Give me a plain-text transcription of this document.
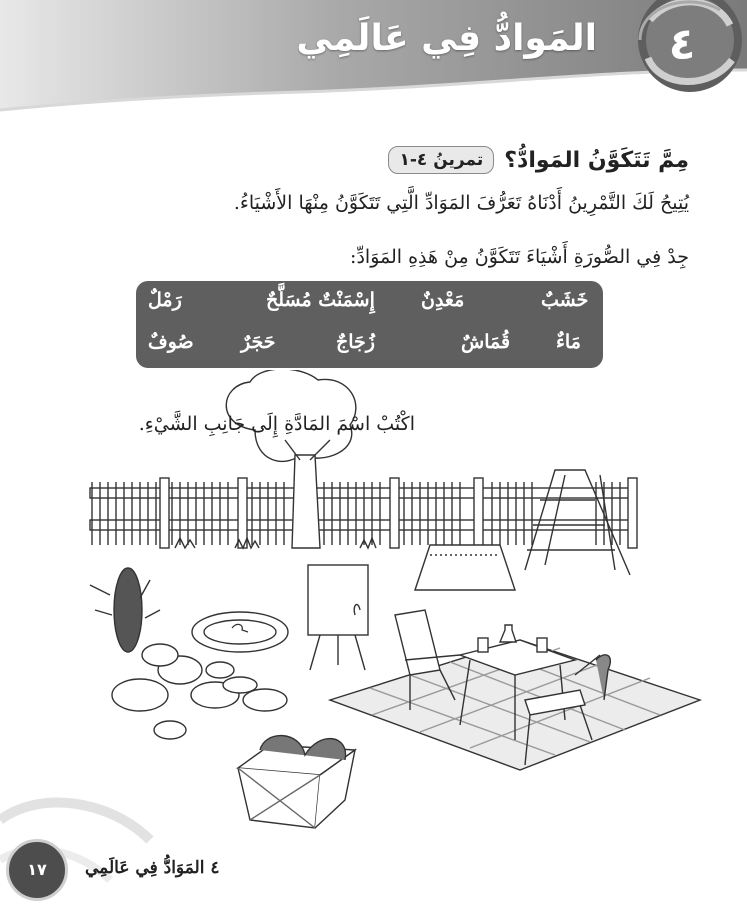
٤
المَوادُّ فِي عَالَمِي
تمرينُ ٤-١ مِمَّ تَتَكَوَّنُ المَوادُّ؟
يُتِيحُ لَكَ التَّمْرِينُ أَدْنَاهُ تَعَرُّفَ المَوَادِّ الَّتِي تَتَكَوَّنُ مِنْهَا الأَشْيَاءُ.
جِدْ فِي الصُّورَةِ أَشْيَاءَ تَتَكَوَّنُ مِنْ هَذِهِ المَوَادِّ:
خَشَبٌ
مَعْدِنٌ
إِسْمَنْتٌ مُسَلَّحٌ
رَمْلٌ
مَاءٌ
قُمَاشٌ
زُجَاجٌ
حَجَرٌ
صُوفٌ
اكْتُبْ اسْمَ المَادَّةِ إِلَى جَانِبِ الشَّيْءِ.
١٧	٤ المَوَادُّ فِي عَالَمِي
